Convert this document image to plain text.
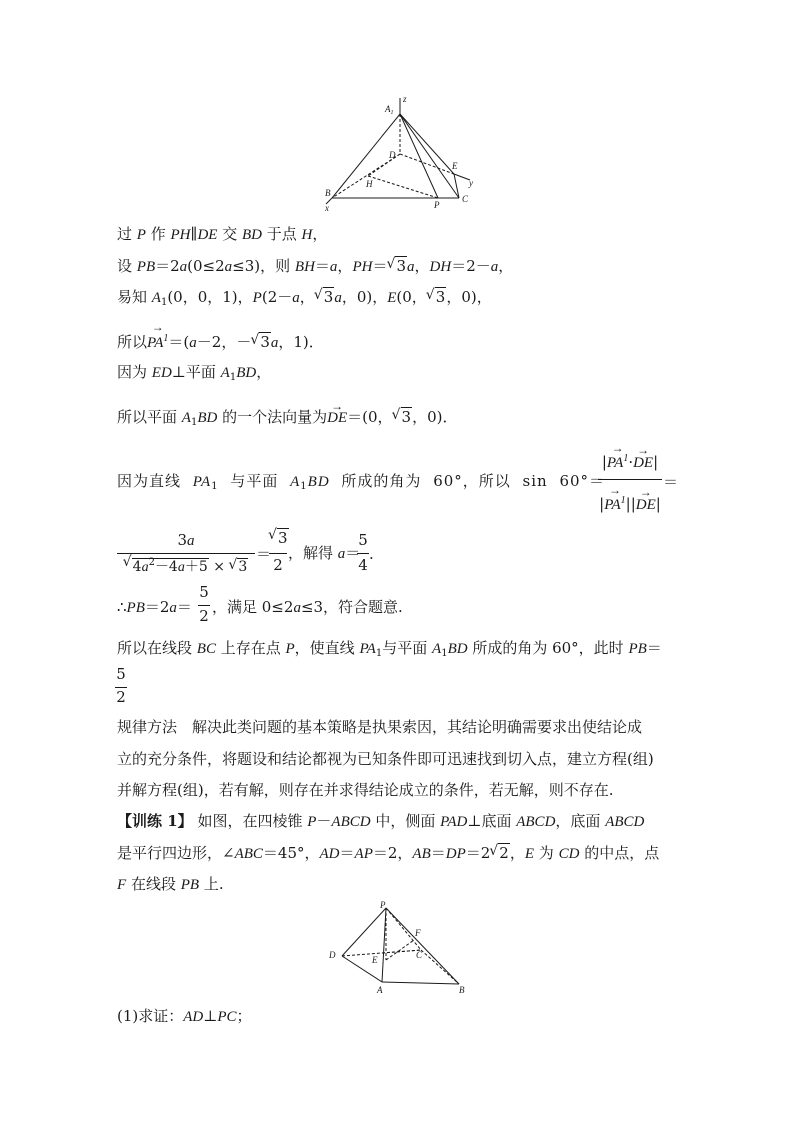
$A_1$
z
D
E
y
H
B
x	P
C
过 P 作 PH∥DE 交 BD 于点 H，
设 PB＝2a(0≤2a≤3)，则 BH＝a，PH＝ √ 3a，DH＝2－a，
易知 $A_1(0$，0，1)，P(2－a， √ 3a，0)，E(0， √ 3，0)，
所以→ $PA^1=(a-2$，－ √ 3a，1)．
因为 ED⊥平面 $A_1BD$，
所以平面 $A_1BD$ 的一个法向量为→ DE＝(0， √ 3，0)．
因为直线 $PA_1$ 与平面 $A_1BD$ 所成的角为 60°，所以 sin 60°＝
|→ $PA^1\cdot\to DE|$
|→ $PA^1||\to DE|$
＝
3a
√ $4a^2-4a+5$ × √ 3
＝
√ 3
2
，解得 a＝
5
4
.
∴PB＝2a＝
5
2 ，满足 0≤2a≤3，符合题意.
所以在线段 BC 上存在点 P，使直线 $PA_1$与平面 $A_1BD$ 所成的角为 60°，此时 PB＝
5
2
规律方法　解决此类问题的基本策略是执果索因，其结论明确需要求出使结论成
立的充分条件，将题设和结论都视为已知条件即可迅速找到切入点，建立方程(组)
并解方程(组)，若有解，则存在并求得结论成立的条件，若无解，则不存在.
【训练 1】 如图，在四棱锥 P－ABCD 中，侧面 PAD⊥底面 ABCD，底面 ABCD
是平行四边形，∠ABC＝45°，AD＝AP＝2，AB＝DP＝2 √ 2，E 为 CD 的中点，点
F 在线段 PB 上.
P
F
D	E	C
A	B
(1)求证：AD⊥PC；
